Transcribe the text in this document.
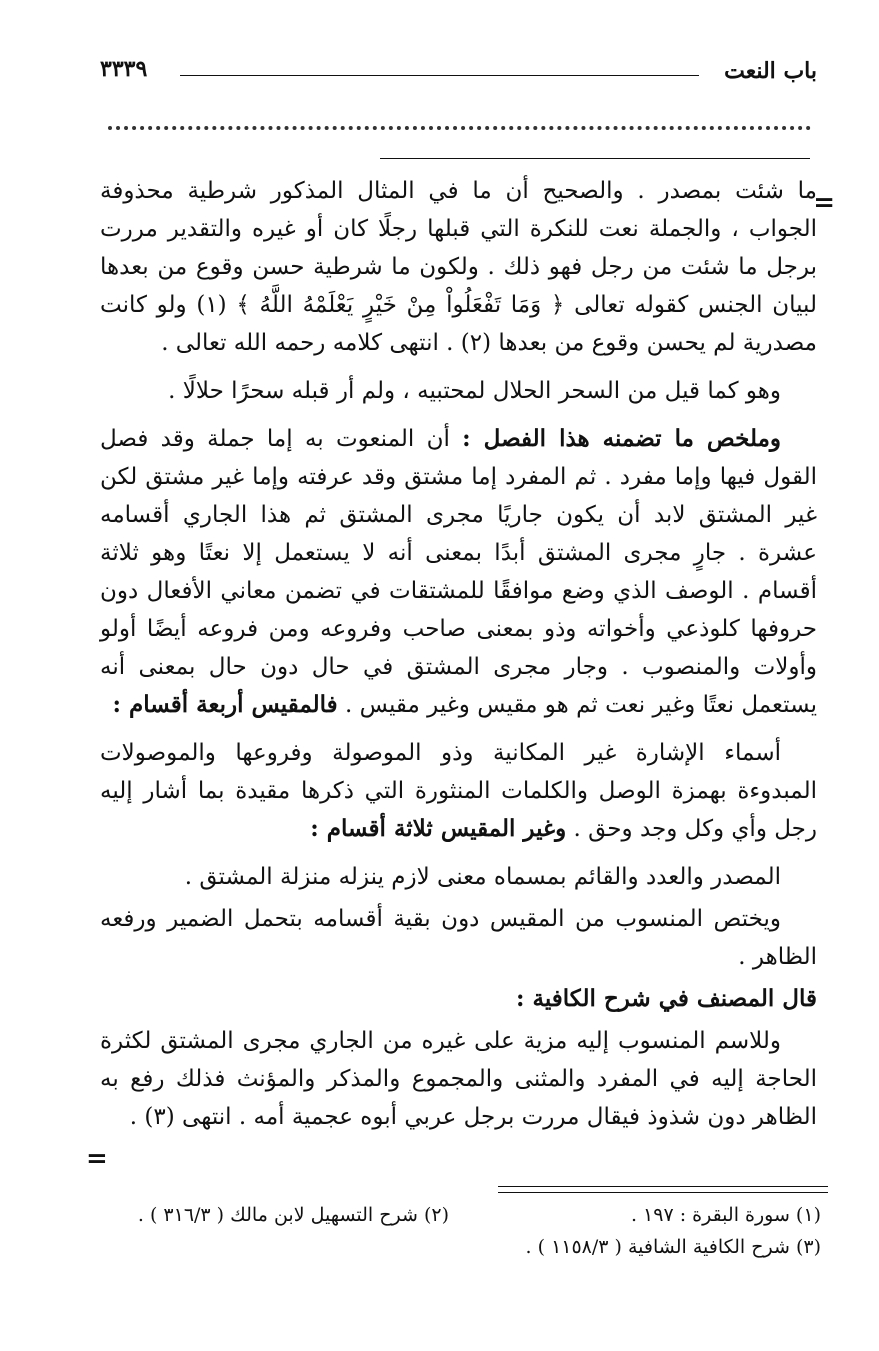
باب النعت
٣٣٣٩
=

ما شئت بمصدر . والصحيح أن ما في المثال المذكور شرطية محذوفة الجواب ، والجملة نعت للنكرة التي قبلها رجلًا كان أو غيره والتقدير مررت برجل ما شئت من رجل فهو ذلك . ولكون ما شرطية حسن وقوع من بعدها لبيان الجنس كقوله تعالى ﴿ وَمَا تَفْعَلُواْ مِنْ خَيْرٍ يَعْلَمْهُ اللَّهُ ﴾ (١) ولو كانت مصدرية لم يحسن وقوع من بعدها (٢) . انتهى كلامه رحمه الله تعالى .

وهو كما قيل من السحر الحلال لمحتبيه ، ولم أر قبله سحرًا حلالًا .

وملخص ما تضمنه هذا الفصل : أن المنعوت به إما جملة وقد فصل القول فيها وإما مفرد . ثم المفرد إما مشتق وقد عرفته وإما غير مشتق لكن غير المشتق لابد أن يكون جاريًا مجرى المشتق ثم هذا الجاري أقسامه عشرة . جارٍ مجرى المشتق أبدًا بمعنى أنه لا يستعمل إلا نعتًا وهو ثلاثة أقسام . الوصف الذي وضع موافقًا للمشتقات في تضمن معاني الأفعال دون حروفها كلوذعي وأخواته وذو بمعنى صاحب وفروعه ومن فروعه أيضًا أولو وأولات والمنصوب . وجار مجرى المشتق في حال دون حال بمعنى أنه يستعمل نعتًا وغير نعت ثم هو مقيس وغير مقيس . فالمقيس أربعة أقسام :

أسماء الإشارة غير المكانية وذو الموصولة وفروعها والموصولات المبدوءة بهمزة الوصل والكلمات المنثورة التي ذكرها مقيدة بما أشار إليه رجل وأي وكل وجد وحق . وغير المقيس ثلاثة أقسام :

المصدر والعدد والقائم بمسماه معنى لازم ينزله منزلة المشتق .

ويختص المنسوب من المقيس دون بقية أقسامه بتحمل الضمير ورفعه الظاهر .

قال المصنف في شرح الكافية :

وللاسم المنسوب إليه مزية على غيره من الجاري مجرى المشتق لكثرة الحاجة إليه في المفرد والمثنى والمجموع والمذكر والمؤنث فذلك رفع به الظاهر دون شذوذ فيقال مررت برجل عربي أبوه عجمية أمه . انتهى (٣) .

=
(١) سورة البقرة : ١٩٧ .
(٢) شرح التسهيل لابن مالك ( ٣١٦/٣ ) .
(٣) شرح الكافية الشافية ( ١١٥٨/٣ ) .
